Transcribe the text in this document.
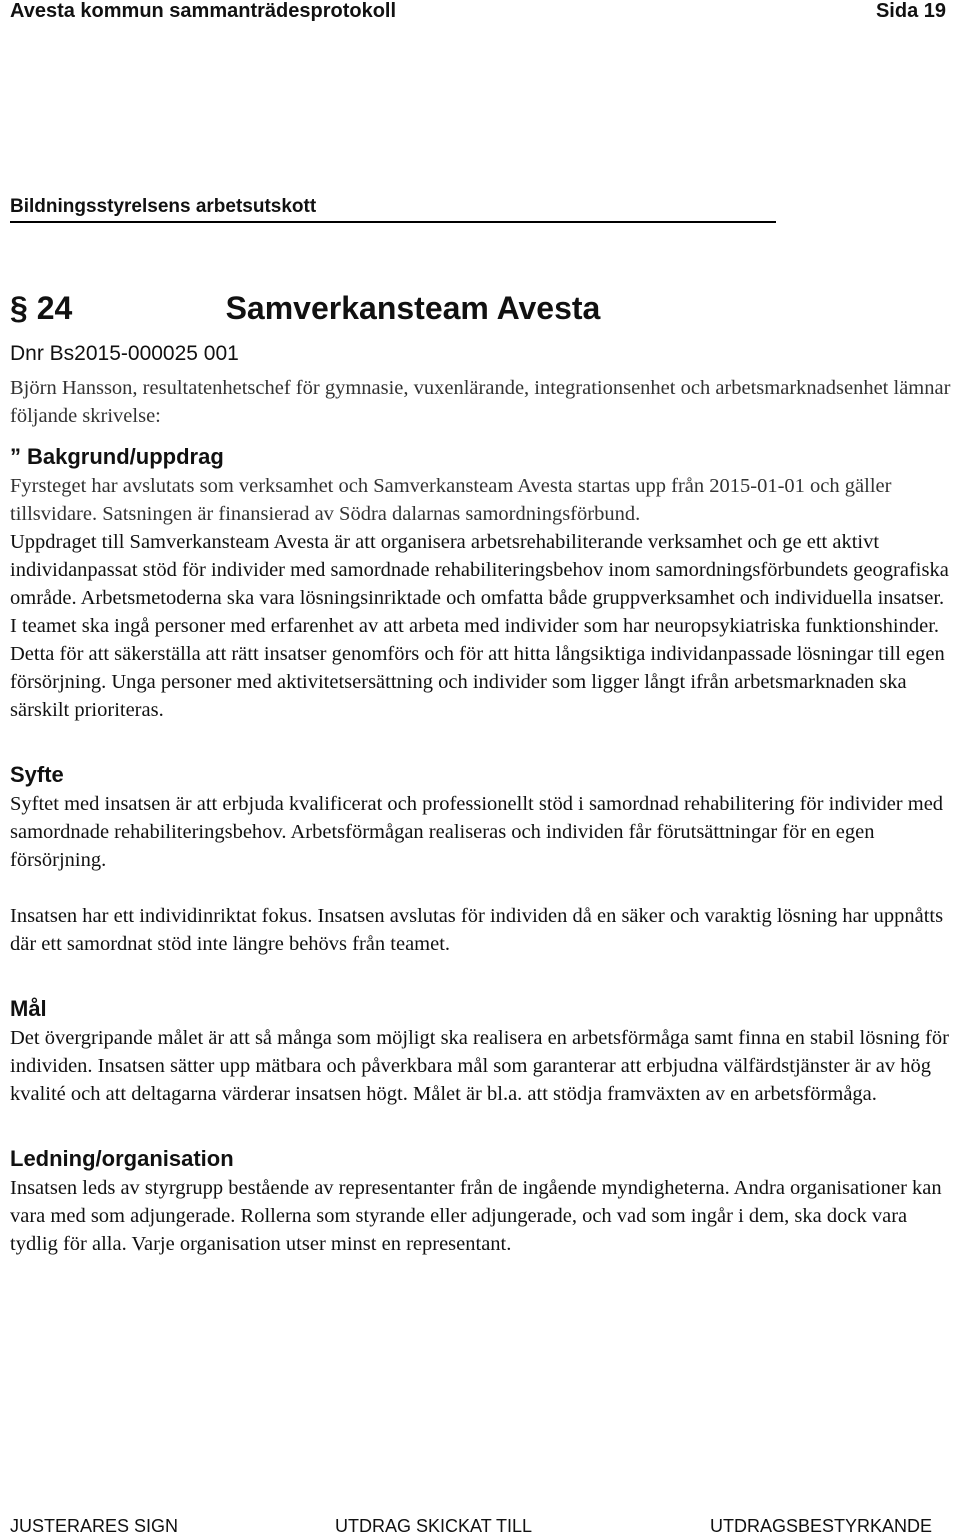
Avesta kommun sammanträdesprotokoll	Sida 19
Bildningsstyrelsens arbetsutskott
§ 24	Samverkansteam Avesta
Dnr Bs2015-000025 001

Björn Hansson, resultatenhetschef för gymnasie, vuxenlärande, integrationsenhet och arbetsmarknadsenhet lämnar följande skrivelse:

” Bakgrund/uppdrag

Fyrsteget har avslutats som verksamhet och Samverkansteam Avesta startas upp från 2015-01-01 och gäller tillsvidare. Satsningen är finansierad av Södra dalarnas samordningsförbund.

Uppdraget till Samverkansteam Avesta är att organisera arbetsrehabiliterande verksamhet och ge ett aktivt individanpassat stöd för individer med samordnade rehabiliteringsbehov inom samordningsförbundets geografiska område. Arbetsmetoderna ska vara lösningsinriktade och omfatta både gruppverksamhet och individuella insatser. I teamet ska ingå personer med erfarenhet av att arbeta med individer som har neuropsykiatriska funktionshinder. Detta för att säkerställa att rätt insatser genomförs och för att hitta långsiktiga individanpassade lösningar till egen försörjning. Unga personer med aktivitetsersättning och individer som ligger långt ifrån arbetsmarknaden ska särskilt prioriteras.

Syfte

Syftet med insatsen är att erbjuda kvalificerat och professionellt stöd i samordnad rehabilitering för individer med samordnade rehabiliteringsbehov. Arbetsförmågan realiseras och individen får förutsättningar för en egen försörjning.

Insatsen har ett individinriktat fokus. Insatsen avslutas för individen då en säker och varaktig lösning har uppnåtts där ett samordnat stöd inte längre behövs från teamet.

Mål

Det övergripande målet är att så många som möjligt ska realisera en arbetsförmåga samt finna en stabil lösning för individen. Insatsen sätter upp mätbara och påverkbara mål som garanterar att erbjudna välfärdstjänster är av hög kvalité och att deltagarna värderar insatsen högt. Målet är bl.a. att stödja framväxten av en arbetsförmåga.

Ledning/organisation

Insatsen leds av styrgrupp bestående av representanter från de ingående myndigheterna. Andra organisationer kan vara med som adjungerade. Rollerna som styrande eller adjungerade, och vad som ingår i dem, ska dock vara tydlig för alla. Varje organisation utser minst en representant.

JUSTERARES SIGN	UTDRAG SKICKAT TILL	UTDRAGSBESTYRKANDE
